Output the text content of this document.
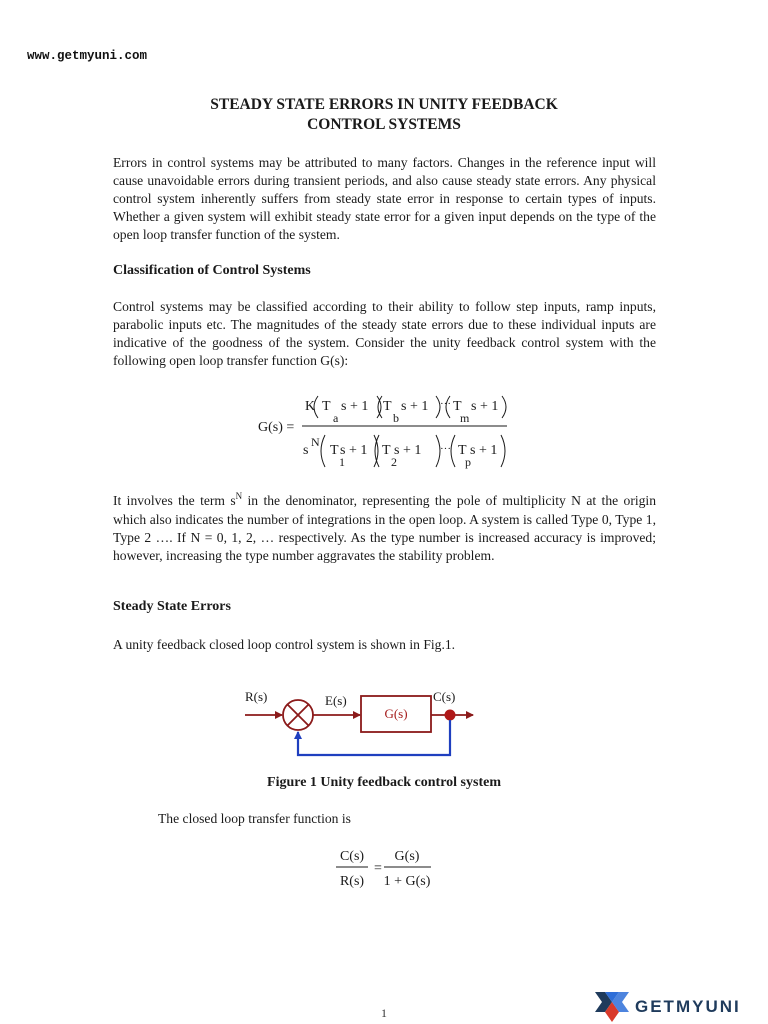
www.getmyuni.com
STEADY STATE ERRORS IN UNITY FEEDBACK
CONTROL SYSTEMS
Errors in control systems may be attributed to many factors. Changes in the reference input will cause unavoidable errors during transient periods, and also cause steady state errors. Any physical control system inherently suffers from steady state error in response to certain types of inputs. Whether a given system will exhibit steady state error for a given input depends on the type of the open loop transfer function of the system.
Classification of Control Systems
Control systems may be classified according to their ability to follow step inputs, ramp inputs, parabolic inputs etc. The magnitudes of the steady state errors due to these individual inputs are indicative of the goodness of the system. Consider the unity feedback control system with the following open loop transfer function G(s):
G(s) =
K T
a
s + 1 T
b
s + 1 ··· T
m
s + 1
s
N
T
1
s + 1 T
2
s + 1 ··· T
p
s + 1
It involves the term $s^N$ in the denominator, representing the pole of multiplicity N at the origin which also indicates the number of integrations in the open loop. A system is called Type 0, Type 1, Type 2 …. If N = 0, 1, 2, … respectively. As the type number is increased accuracy is improved; however, increasing the type number aggravates the stability problem.
Steady State Errors
A unity feedback closed loop control system is shown in Fig.1.
R(s)	E(s)	C(s)
G(s)
Figure 1 Unity feedback control system
The closed loop transfer function is
C(s)
R(s)
=
G(s)
1 + G(s)
1	GETMYUNI
